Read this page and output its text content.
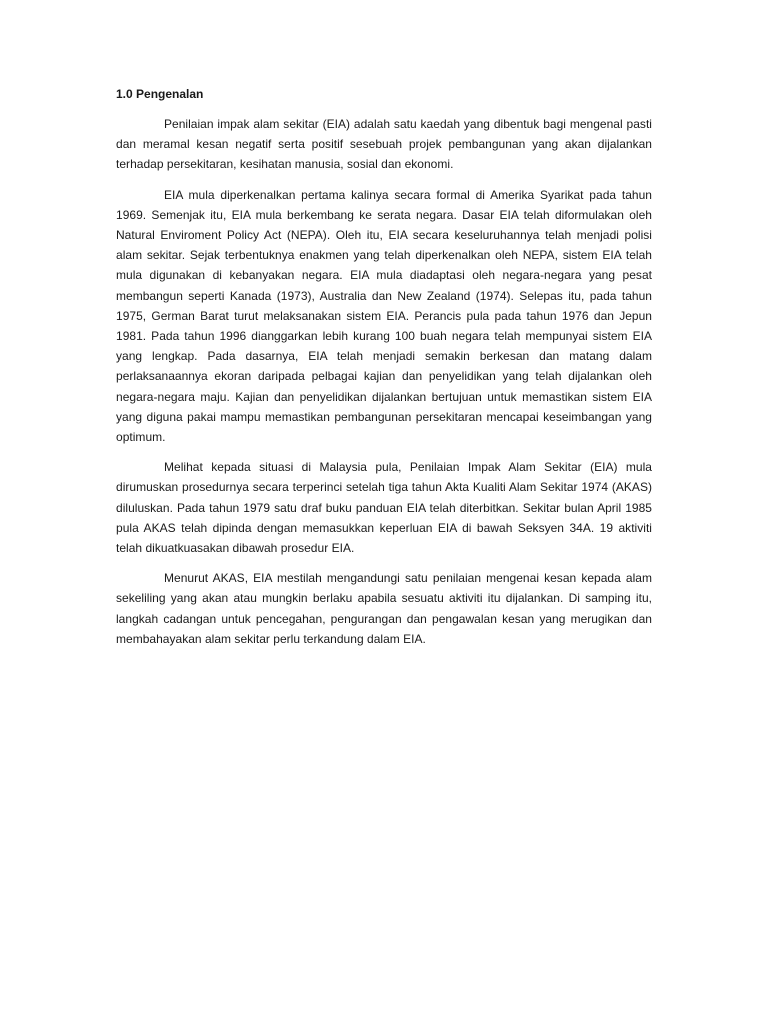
1.0 Pengenalan

Penilaian impak alam sekitar (EIA) adalah satu kaedah yang dibentuk bagi mengenal pasti dan meramal kesan negatif serta positif sesebuah projek pembangunan yang akan dijalankan terhadap persekitaran, kesihatan manusia, sosial dan ekonomi.

EIA mula diperkenalkan pertama kalinya secara formal di Amerika Syarikat pada tahun 1969. Semenjak itu, EIA mula berkembang ke serata negara. Dasar EIA telah diformulakan oleh Natural Enviroment Policy Act (NEPA). Oleh itu, EIA secara keseluruhannya telah menjadi polisi alam sekitar. Sejak terbentuknya enakmen yang telah diperkenalkan oleh NEPA, sistem EIA telah mula digunakan di kebanyakan negara. EIA mula diadaptasi oleh negara-negara yang pesat membangun seperti Kanada (1973), Australia dan New Zealand (1974). Selepas itu, pada tahun 1975, German Barat turut melaksanakan sistem EIA. Perancis pula pada tahun 1976 dan Jepun 1981. Pada tahun 1996 dianggarkan lebih kurang 100 buah negara telah mempunyai sistem EIA yang lengkap. Pada dasarnya, EIA telah menjadi semakin berkesan dan matang dalam perlaksanaannya ekoran daripada pelbagai kajian dan penyelidikan yang telah dijalankan oleh negara-negara maju. Kajian dan penyelidikan dijalankan bertujuan untuk memastikan sistem EIA yang diguna pakai mampu memastikan pembangunan persekitaran mencapai keseimbangan yang optimum.

Melihat kepada situasi di Malaysia pula, Penilaian Impak Alam Sekitar (EIA) mula dirumuskan prosedurnya secara terperinci setelah tiga tahun Akta Kualiti Alam Sekitar 1974 (AKAS) diluluskan. Pada tahun 1979 satu draf buku panduan EIA telah diterbitkan. Sekitar bulan April 1985 pula AKAS telah dipinda dengan memasukkan keperluan EIA di bawah Seksyen 34A. 19 aktiviti telah dikuatkuasakan dibawah prosedur EIA.

Menurut AKAS, EIA mestilah mengandungi satu penilaian mengenai kesan kepada alam sekeliling yang akan atau mungkin berlaku apabila sesuatu aktiviti itu dijalankan. Di samping itu, langkah cadangan untuk pencegahan, pengurangan dan pengawalan kesan yang merugikan dan membahayakan alam sekitar perlu terkandung dalam EIA.
